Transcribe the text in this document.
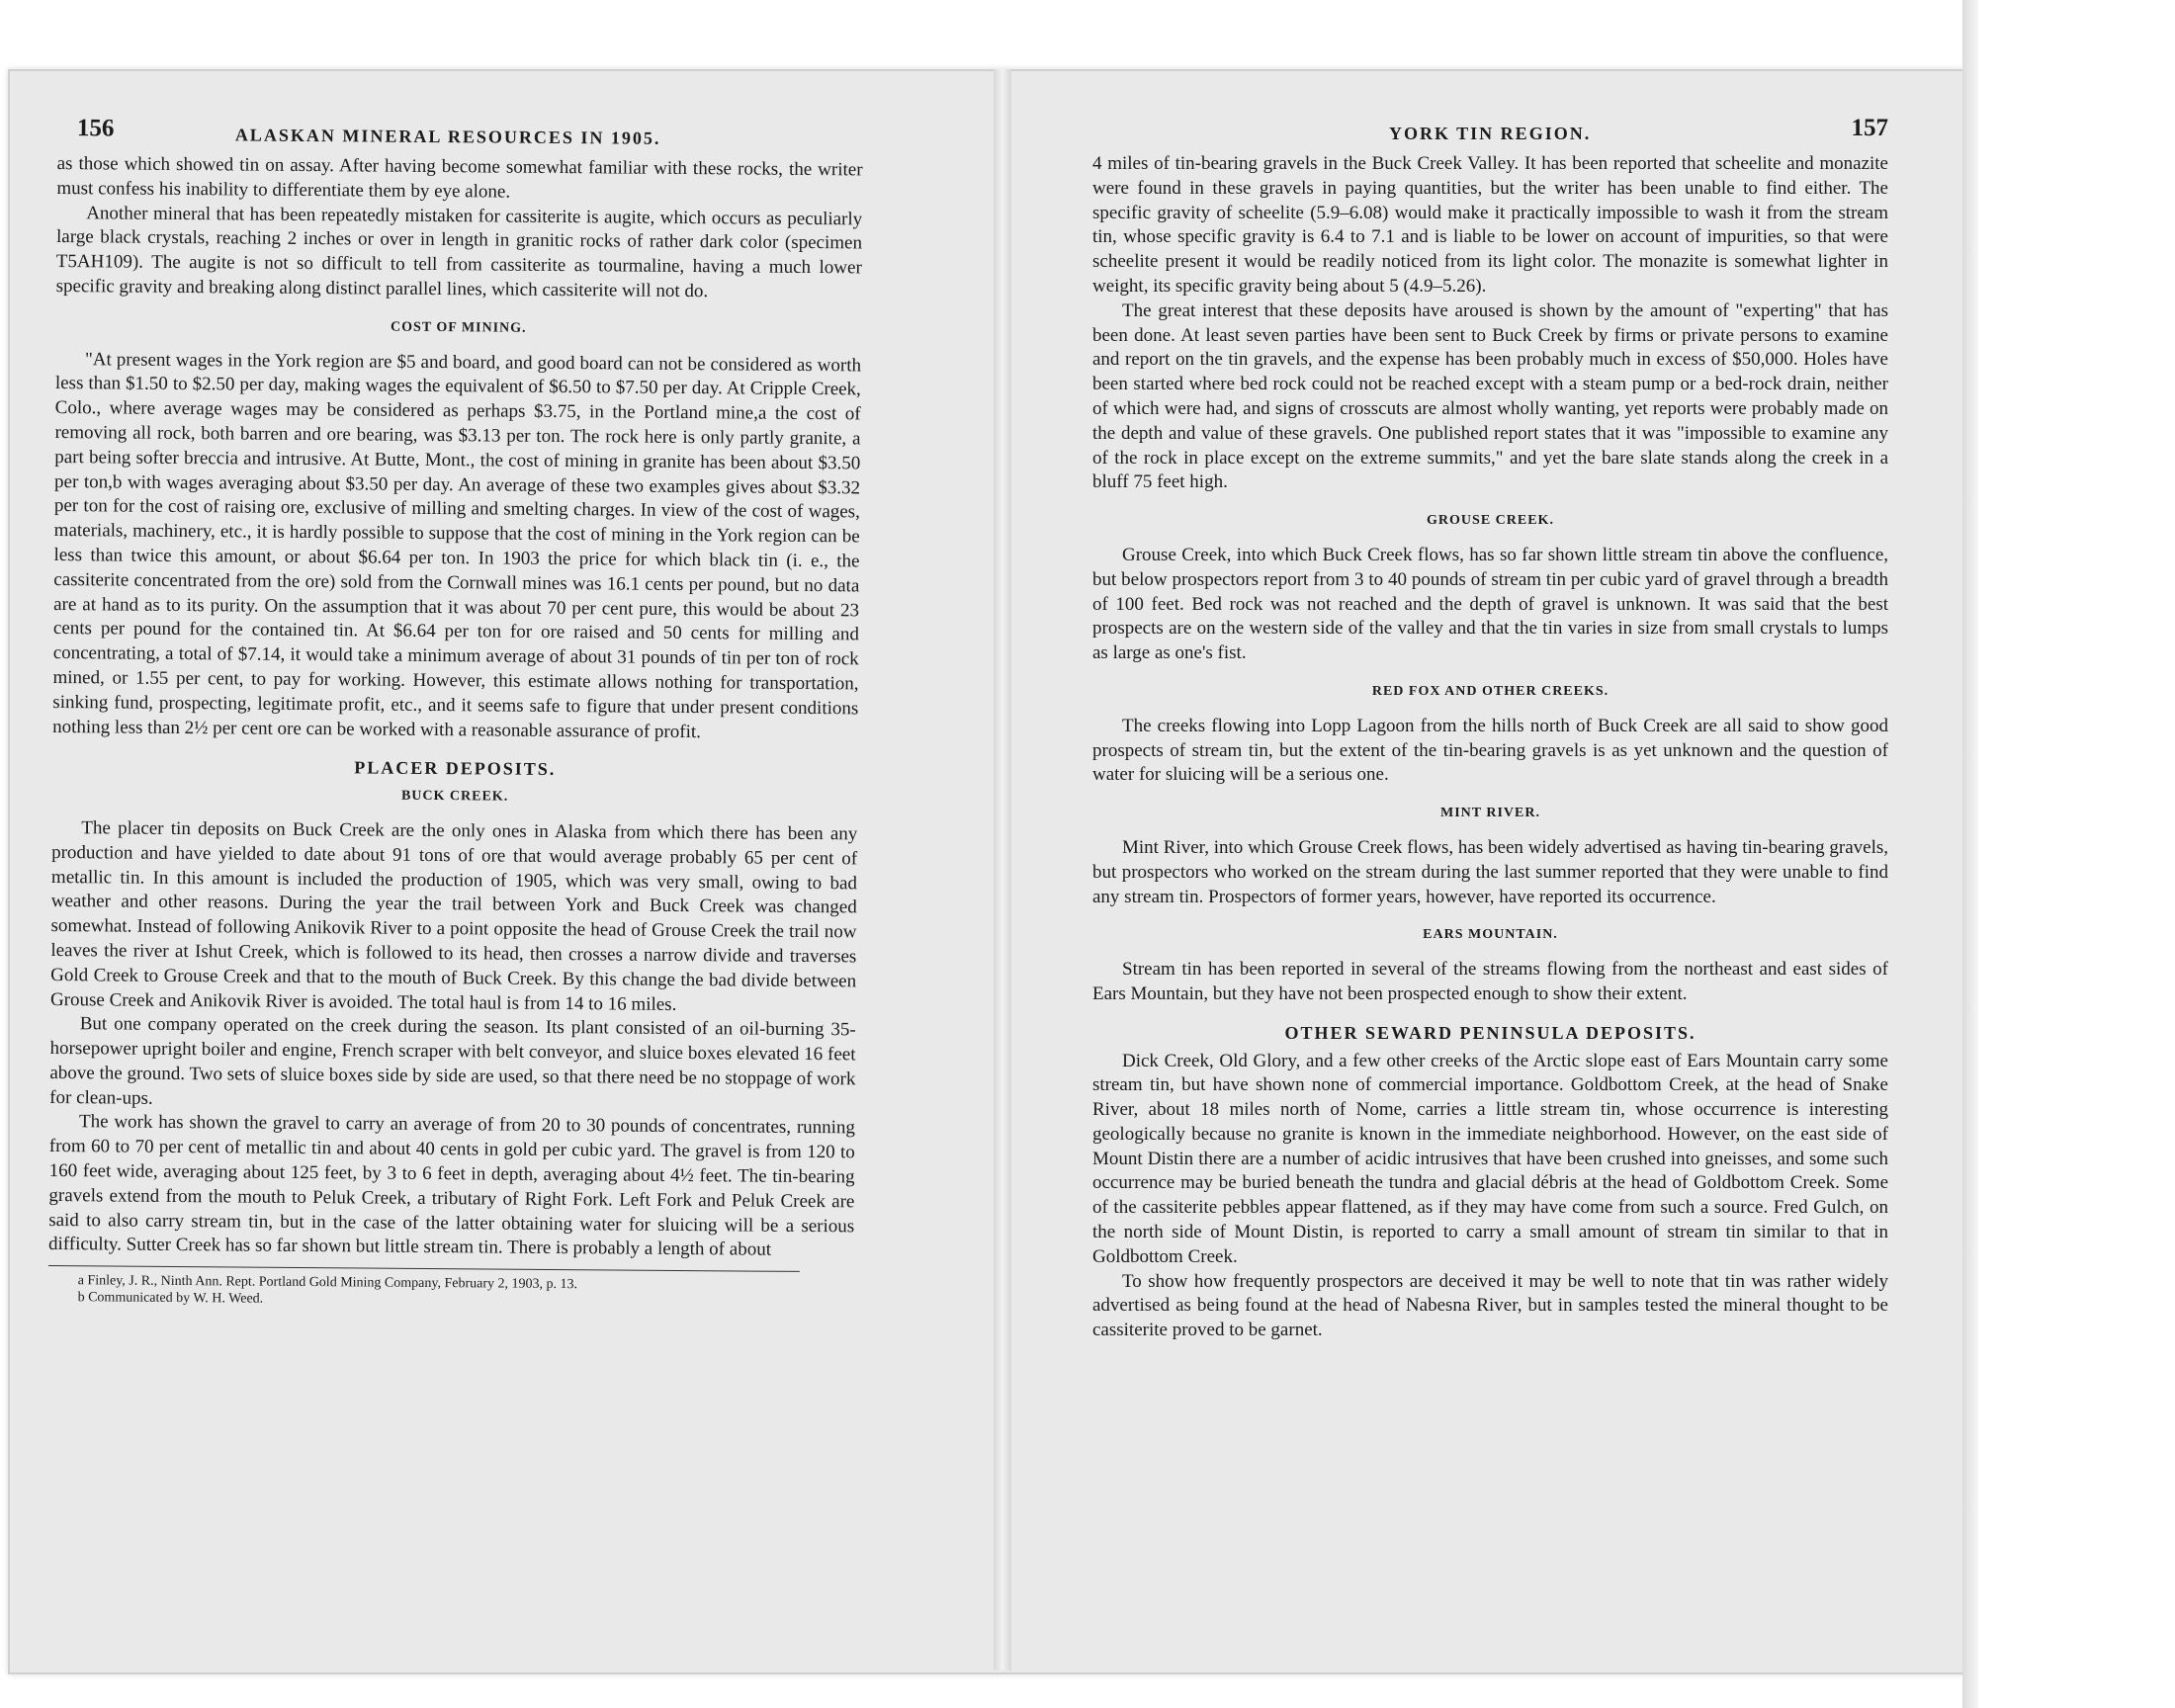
156	ALASKAN MINERAL RESOURCES IN 1905.

as those which showed tin on assay. After having become somewhat familiar with these rocks, the writer must confess his inability to differentiate them by eye alone.

Another mineral that has been repeatedly mistaken for cassiterite is augite, which occurs as peculiarly large black crystals, reaching 2 inches or over in length in granitic rocks of rather dark color (specimen T5AH109). The augite is not so difficult to tell from cassiterite as tourmaline, having a much lower specific gravity and breaking along distinct parallel lines, which cassiterite will not do.

COST OF MINING.

"At present wages in the York region are $5 and board, and good board can not be considered as worth less than $1.50 to $2.50 per day, making wages the equivalent of $6.50 to $7.50 per day. At Cripple Creek, Colo., where average wages may be considered as perhaps $3.75, in the Portland mine,a the cost of removing all rock, both barren and ore bearing, was $3.13 per ton. The rock here is only partly granite, a part being softer breccia and intrusive. At Butte, Mont., the cost of mining in granite has been about $3.50 per ton,b with wages averaging about $3.50 per day. An average of these two examples gives about $3.32 per ton for the cost of raising ore, exclusive of milling and smelting charges. In view of the cost of wages, materials, machinery, etc., it is hardly possible to suppose that the cost of mining in the York region can be less than twice this amount, or about $6.64 per ton. In 1903 the price for which black tin (i. e., the cassiterite concentrated from the ore) sold from the Cornwall mines was 16.1 cents per pound, but no data are at hand as to its purity. On the assumption that it was about 70 per cent pure, this would be about 23 cents per pound for the contained tin. At $6.64 per ton for ore raised and 50 cents for milling and concentrating, a total of $7.14, it would take a minimum average of about 31 pounds of tin per ton of rock mined, or 1.55 per cent, to pay for working. However, this estimate allows nothing for transportation, sinking fund, prospecting, legitimate profit, etc., and it seems safe to figure that under present conditions nothing less than 2½ per cent ore can be worked with a reasonable assurance of profit.

PLACER DEPOSITS.
BUCK CREEK.

The placer tin deposits on Buck Creek are the only ones in Alaska from which there has been any production and have yielded to date about 91 tons of ore that would average probably 65 per cent of metallic tin. In this amount is included the production of 1905, which was very small, owing to bad weather and other reasons. During the year the trail between York and Buck Creek was changed somewhat. Instead of following Anikovik River to a point opposite the head of Grouse Creek the trail now leaves the river at Ishut Creek, which is followed to its head, then crosses a narrow divide and traverses Gold Creek to Grouse Creek and that to the mouth of Buck Creek. By this change the bad divide between Grouse Creek and Anikovik River is avoided. The total haul is from 14 to 16 miles.

But one company operated on the creek during the season. Its plant consisted of an oil-burning 35-horsepower upright boiler and engine, French scraper with belt conveyor, and sluice boxes elevated 16 feet above the ground. Two sets of sluice boxes side by side are used, so that there need be no stoppage of work for clean-ups.

The work has shown the gravel to carry an average of from 20 to 30 pounds of concentrates, running from 60 to 70 per cent of metallic tin and about 40 cents in gold per cubic yard. The gravel is from 120 to 160 feet wide, averaging about 125 feet, by 3 to 6 feet in depth, averaging about 4½ feet. The tin-bearing gravels extend from the mouth to Peluk Creek, a tributary of Right Fork. Left Fork and Peluk Creek are said to also carry stream tin, but in the case of the latter obtaining water for sluicing will be a serious difficulty. Sutter Creek has so far shown but little stream tin. There is probably a length of about

a Finley, J. R., Ninth Ann. Rept. Portland Gold Mining Company, February 2, 1903, p. 13.
b Communicated by W. H. Weed.
YORK TIN REGION.	157

4 miles of tin-bearing gravels in the Buck Creek Valley. It has been reported that scheelite and monazite were found in these gravels in paying quantities, but the writer has been unable to find either. The specific gravity of scheelite (5.9–6.08) would make it practically impossible to wash it from the stream tin, whose specific gravity is 6.4 to 7.1 and is liable to be lower on account of impurities, so that were scheelite present it would be readily noticed from its light color. The monazite is somewhat lighter in weight, its specific gravity being about 5 (4.9–5.26).

The great interest that these deposits have aroused is shown by the amount of "experting" that has been done. At least seven parties have been sent to Buck Creek by firms or private persons to examine and report on the tin gravels, and the expense has been probably much in excess of $50,000. Holes have been started where bed rock could not be reached except with a steam pump or a bed-rock drain, neither of which were had, and signs of crosscuts are almost wholly wanting, yet reports were probably made on the depth and value of these gravels. One published report states that it was "impossible to examine any of the rock in place except on the extreme summits," and yet the bare slate stands along the creek in a bluff 75 feet high.

GROUSE CREEK.

Grouse Creek, into which Buck Creek flows, has so far shown little stream tin above the confluence, but below prospectors report from 3 to 40 pounds of stream tin per cubic yard of gravel through a breadth of 100 feet. Bed rock was not reached and the depth of gravel is unknown. It was said that the best prospects are on the western side of the valley and that the tin varies in size from small crystals to lumps as large as one's fist.

RED FOX AND OTHER CREEKS.

The creeks flowing into Lopp Lagoon from the hills north of Buck Creek are all said to show good prospects of stream tin, but the extent of the tin-bearing gravels is as yet unknown and the question of water for sluicing will be a serious one.

MINT RIVER.

Mint River, into which Grouse Creek flows, has been widely advertised as having tin-bearing gravels, but prospectors who worked on the stream during the last summer reported that they were unable to find any stream tin. Prospectors of former years, however, have reported its occurrence.

EARS MOUNTAIN.

Stream tin has been reported in several of the streams flowing from the northeast and east sides of Ears Mountain, but they have not been prospected enough to show their extent.

OTHER SEWARD PENINSULA DEPOSITS.

Dick Creek, Old Glory, and a few other creeks of the Arctic slope east of Ears Mountain carry some stream tin, but have shown none of commercial importance. Goldbottom Creek, at the head of Snake River, about 18 miles north of Nome, carries a little stream tin, whose occurrence is interesting geologically because no granite is known in the immediate neighborhood. However, on the east side of Mount Distin there are a number of acidic intrusives that have been crushed into gneisses, and some such occurrence may be buried beneath the tundra and glacial débris at the head of Goldbottom Creek. Some of the cassiterite pebbles appear flattened, as if they may have come from such a source. Fred Gulch, on the north side of Mount Distin, is reported to carry a small amount of stream tin similar to that in Goldbottom Creek.

To show how frequently prospectors are deceived it may be well to note that tin was rather widely advertised as being found at the head of Nabesna River, but in samples tested the mineral thought to be cassiterite proved to be garnet.
